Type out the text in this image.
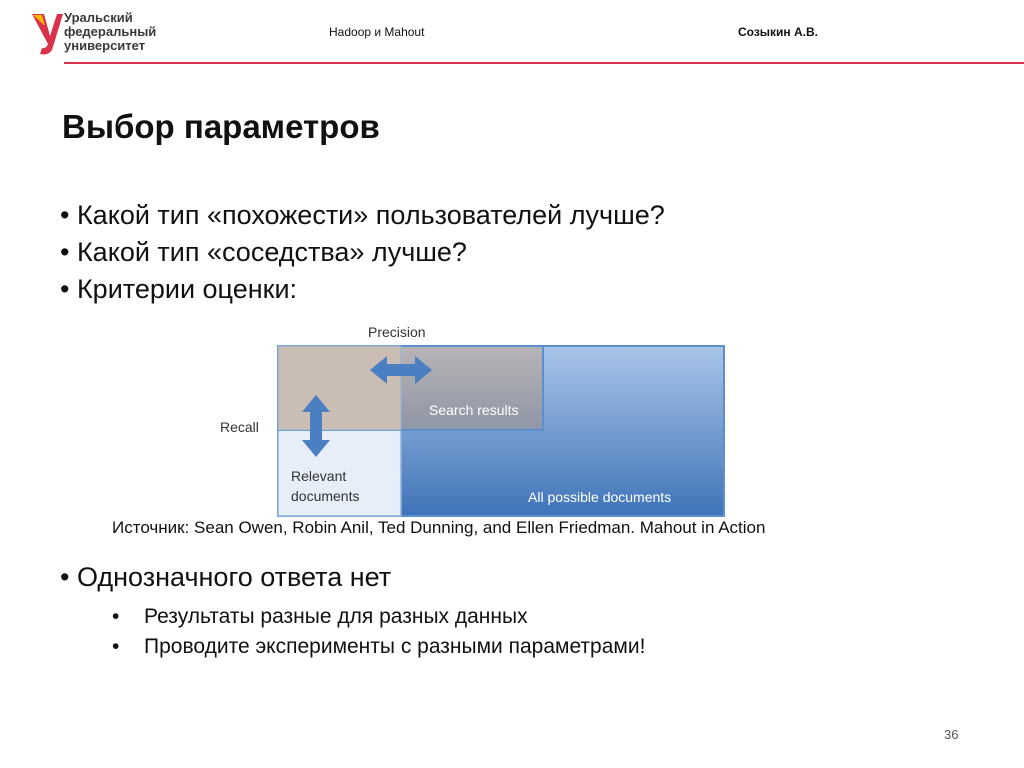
Уральский
федеральный
университет
Hadoop и Mahout	Созыкин А.В.
Выбор параметров
• Какой тип «похожести» пользователей лучше?
• Какой тип «соседства» лучше?
• Критерии оценки:
Precision
Recall
Search results
Relevant
documents	All possible documents
Источник: Sean Owen, Robin Anil, Ted Dunning, and Ellen Friedman. Mahout in Action
• Однозначного ответа нет
• Результаты разные для разных данных
• Проводите эксперименты с разными параметрами!
36
